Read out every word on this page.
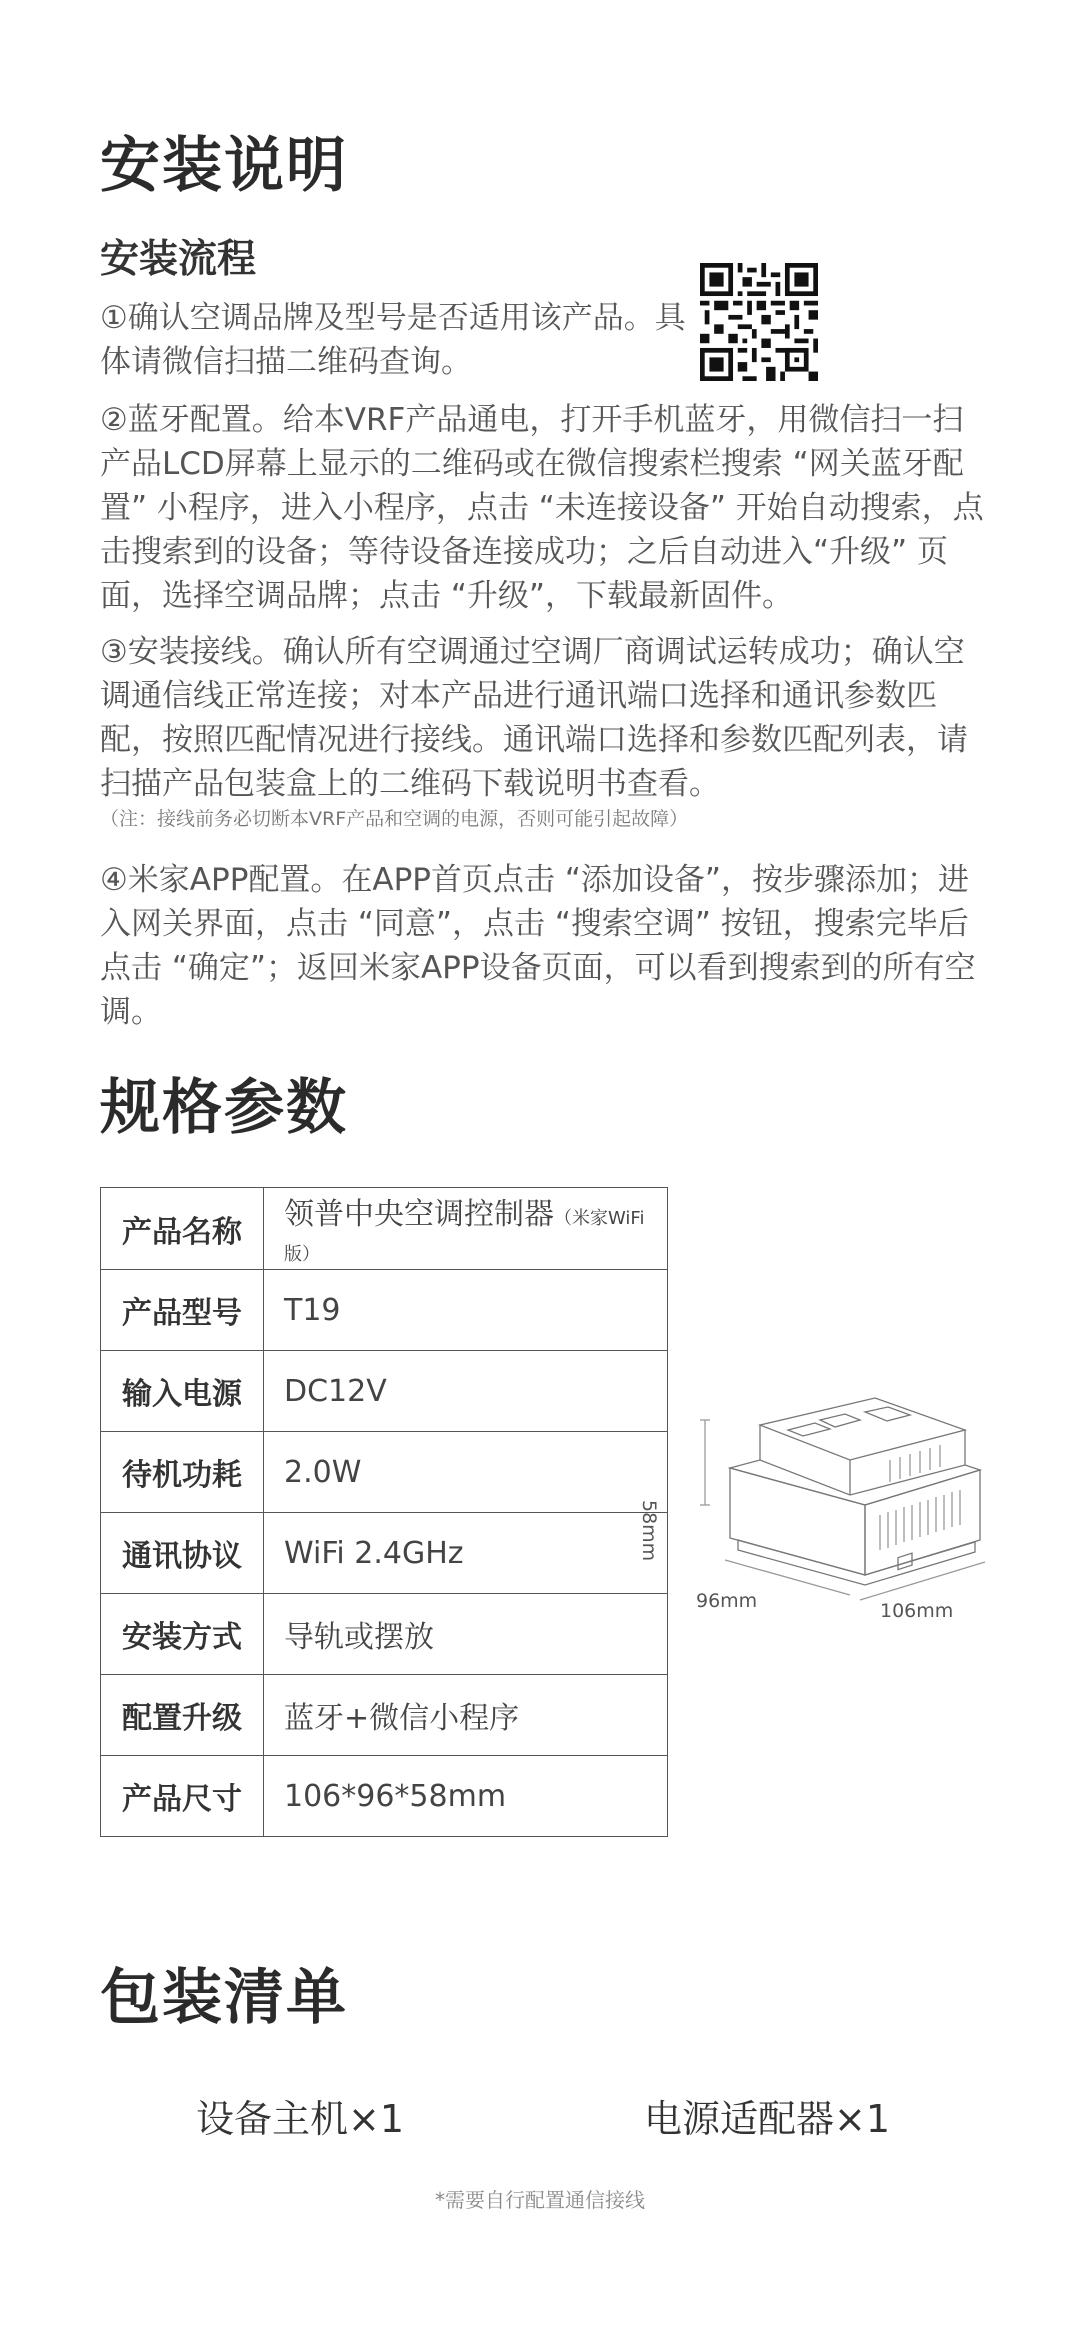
安装说明
安装流程

①确认空调品牌及型号是否适用该产品。具体请微信扫描二维码查询。

②蓝牙配置。给本VRF产品通电，打开手机蓝牙，用微信扫一扫产品LCD屏幕上显示的二维码或在微信搜索栏搜索 “网关蓝牙配置” 小程序，进入小程序，点击 “未连接设备” 开始自动搜索，点击搜索到的设备；等待设备连接成功；之后自动进入“升级” 页面，选择空调品牌；点击 “升级”，下载最新固件。

③安装接线。确认所有空调通过空调厂商调试运转成功；确认空调通信线正常连接；对本产品进行通讯端口选择和通讯参数匹配，按照匹配情况进行接线。通讯端口选择和参数匹配列表，请扫描产品包装盒上的二维码下载说明书查看。

（注：接线前务必切断本VRF产品和空调的电源，否则可能引起故障）

④米家APP配置。在APP首页点击 “添加设备”，按步骤添加；进入网关界面，点击 “同意”，点击 “搜索空调” 按钮，搜索完毕后点击 “确定”；返回米家APP设备页面，可以看到搜索到的所有空调。

规格参数
产品名称	领普中央空调控制器（米家WiFi版）
产品型号	T19
输入电源	DC12V
待机功耗	2.0W
通讯协议	WiFi 2.4GHz
安装方式	导轨或摆放
配置升级	蓝牙+微信小程序
产品尺寸	106*96*58mm
58mm
96mm	106mm
包装清单
设备主机×1	电源适配器×1
*需要自行配置通信接线
